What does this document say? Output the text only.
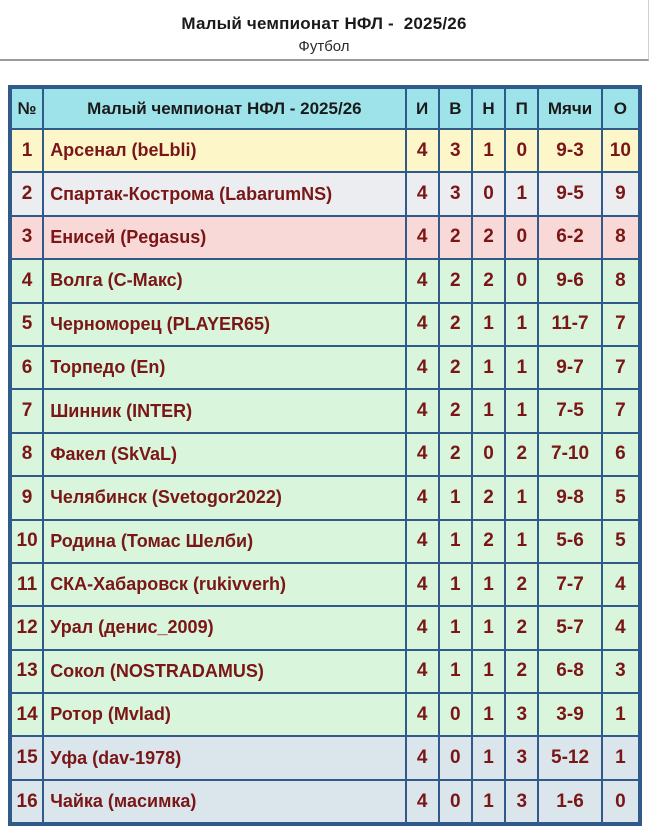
Малый чемпионат НФЛ -  2025/26
Футбол
№	Малый чемпионат НФЛ - 2025/26	И	В	Н	П	Мячи	О
1	Арсенал (beLbli)	4	3	1	0	9-3	10
2	Спартак-Кострома (LabarumNS)	4	3	0	1	9-5	9
3	Енисей (Pegasus)	4	2	2	0	6-2	8
4	Волга (С-Макс)	4	2	2	0	9-6	8
5	Черноморец (PLAYER65)	4	2	1	1	11-7	7
6	Торпедо (En)	4	2	1	1	9-7	7
7	Шинник (INTER)	4	2	1	1	7-5	7
8	Факел (SkVaL)	4	2	0	2	7-10	6
9	Челябинск (Svetogor2022)	4	1	2	1	9-8	5
10	Родина (Томас Шелби)	4	1	2	1	5-6	5
11	СКА-Хабаровск (rukivverh)	4	1	1	2	7-7	4
12	Урал (денис_2009)	4	1	1	2	5-7	4
13	Сокол (NOSTRADAMUS)	4	1	1	2	6-8	3
14	Ротор (Mvlad)	4	0	1	3	3-9	1
15	Уфа (dav-1978)	4	0	1	3	5-12	1
16	Чайка (масимка)	4	0	1	3	1-6	0
